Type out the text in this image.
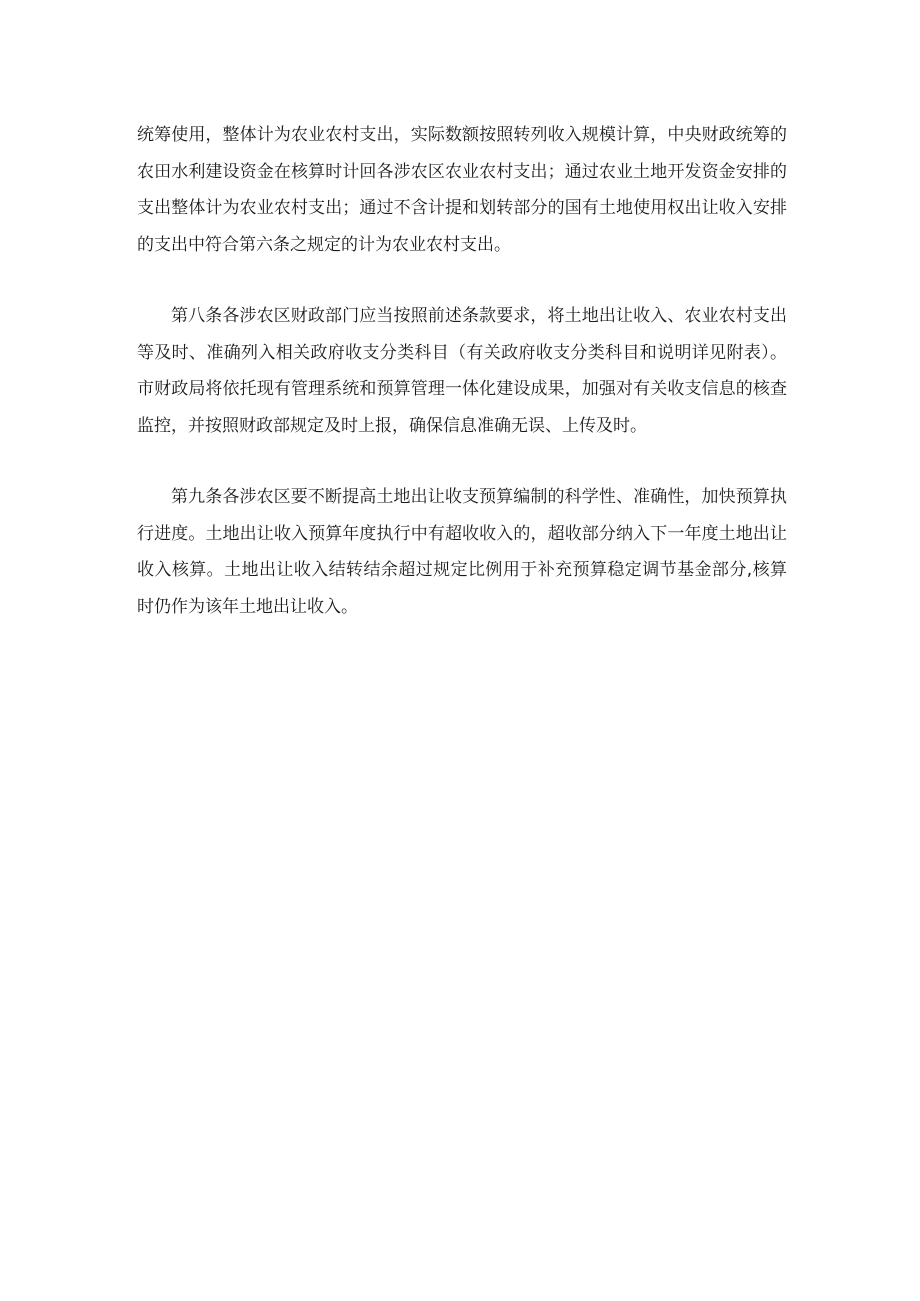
统筹使用，整体计为农业农村支出，实际数额按照转列收入规模计算，中央财政统筹的农田水利建设资金在核算时计回各涉农区农业农村支出；通过农业土地开发资金安排的支出整体计为农业农村支出；通过不含计提和划转部分的国有土地使用权出让收入安排的支出中符合第六条之规定的计为农业农村支出。

第八条各涉农区财政部门应当按照前述条款要求，将土地出让收入、农业农村支出等及时、准确列入相关政府收支分类科目（有关政府收支分类科目和说明详见附表）。市财政局将依托现有管理系统和预算管理一体化建设成果，加强对有关收支信息的核查监控，并按照财政部规定及时上报，确保信息准确无误、上传及时。

第九条各涉农区要不断提高土地出让收支预算编制的科学性、准确性，加快预算执行进度。土地出让收入预算年度执行中有超收收入的，超收部分纳入下一年度土地出让收入核算。土地出让收入结转结余超过规定比例用于补充预算稳定调节基金部分,核算时仍作为该年土地出让收入。
